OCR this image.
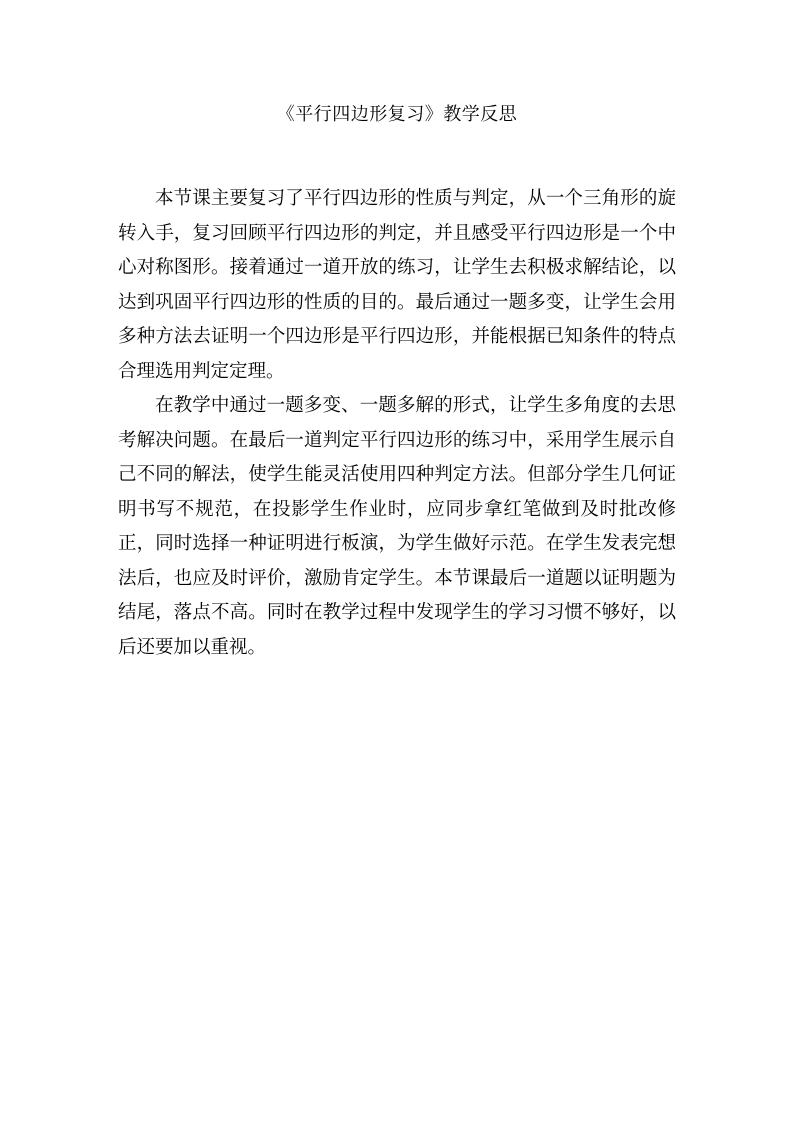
《平行四边形复习》教学反思

本节课主要复习了平行四边形的性质与判定，从一个三角形的旋转入手，复习回顾平行四边形的判定，并且感受平行四边形是一个中心对称图形。接着通过一道开放的练习，让学生去积极求解结论，以达到巩固平行四边形的性质的目的。最后通过一题多变，让学生会用多种方法去证明一个四边形是平行四边形，并能根据已知条件的特点合理选用判定定理。

在教学中通过一题多变、一题多解的形式，让学生多角度的去思考解决问题。在最后一道判定平行四边形的练习中，采用学生展示自己不同的解法，使学生能灵活使用四种判定方法。但部分学生几何证明书写不规范，在投影学生作业时，应同步拿红笔做到及时批改修正，同时选择一种证明进行板演，为学生做好示范。在学生发表完想法后，也应及时评价，激励肯定学生。本节课最后一道题以证明题为结尾，落点不高。同时在教学过程中发现学生的学习习惯不够好，以后还要加以重视。
